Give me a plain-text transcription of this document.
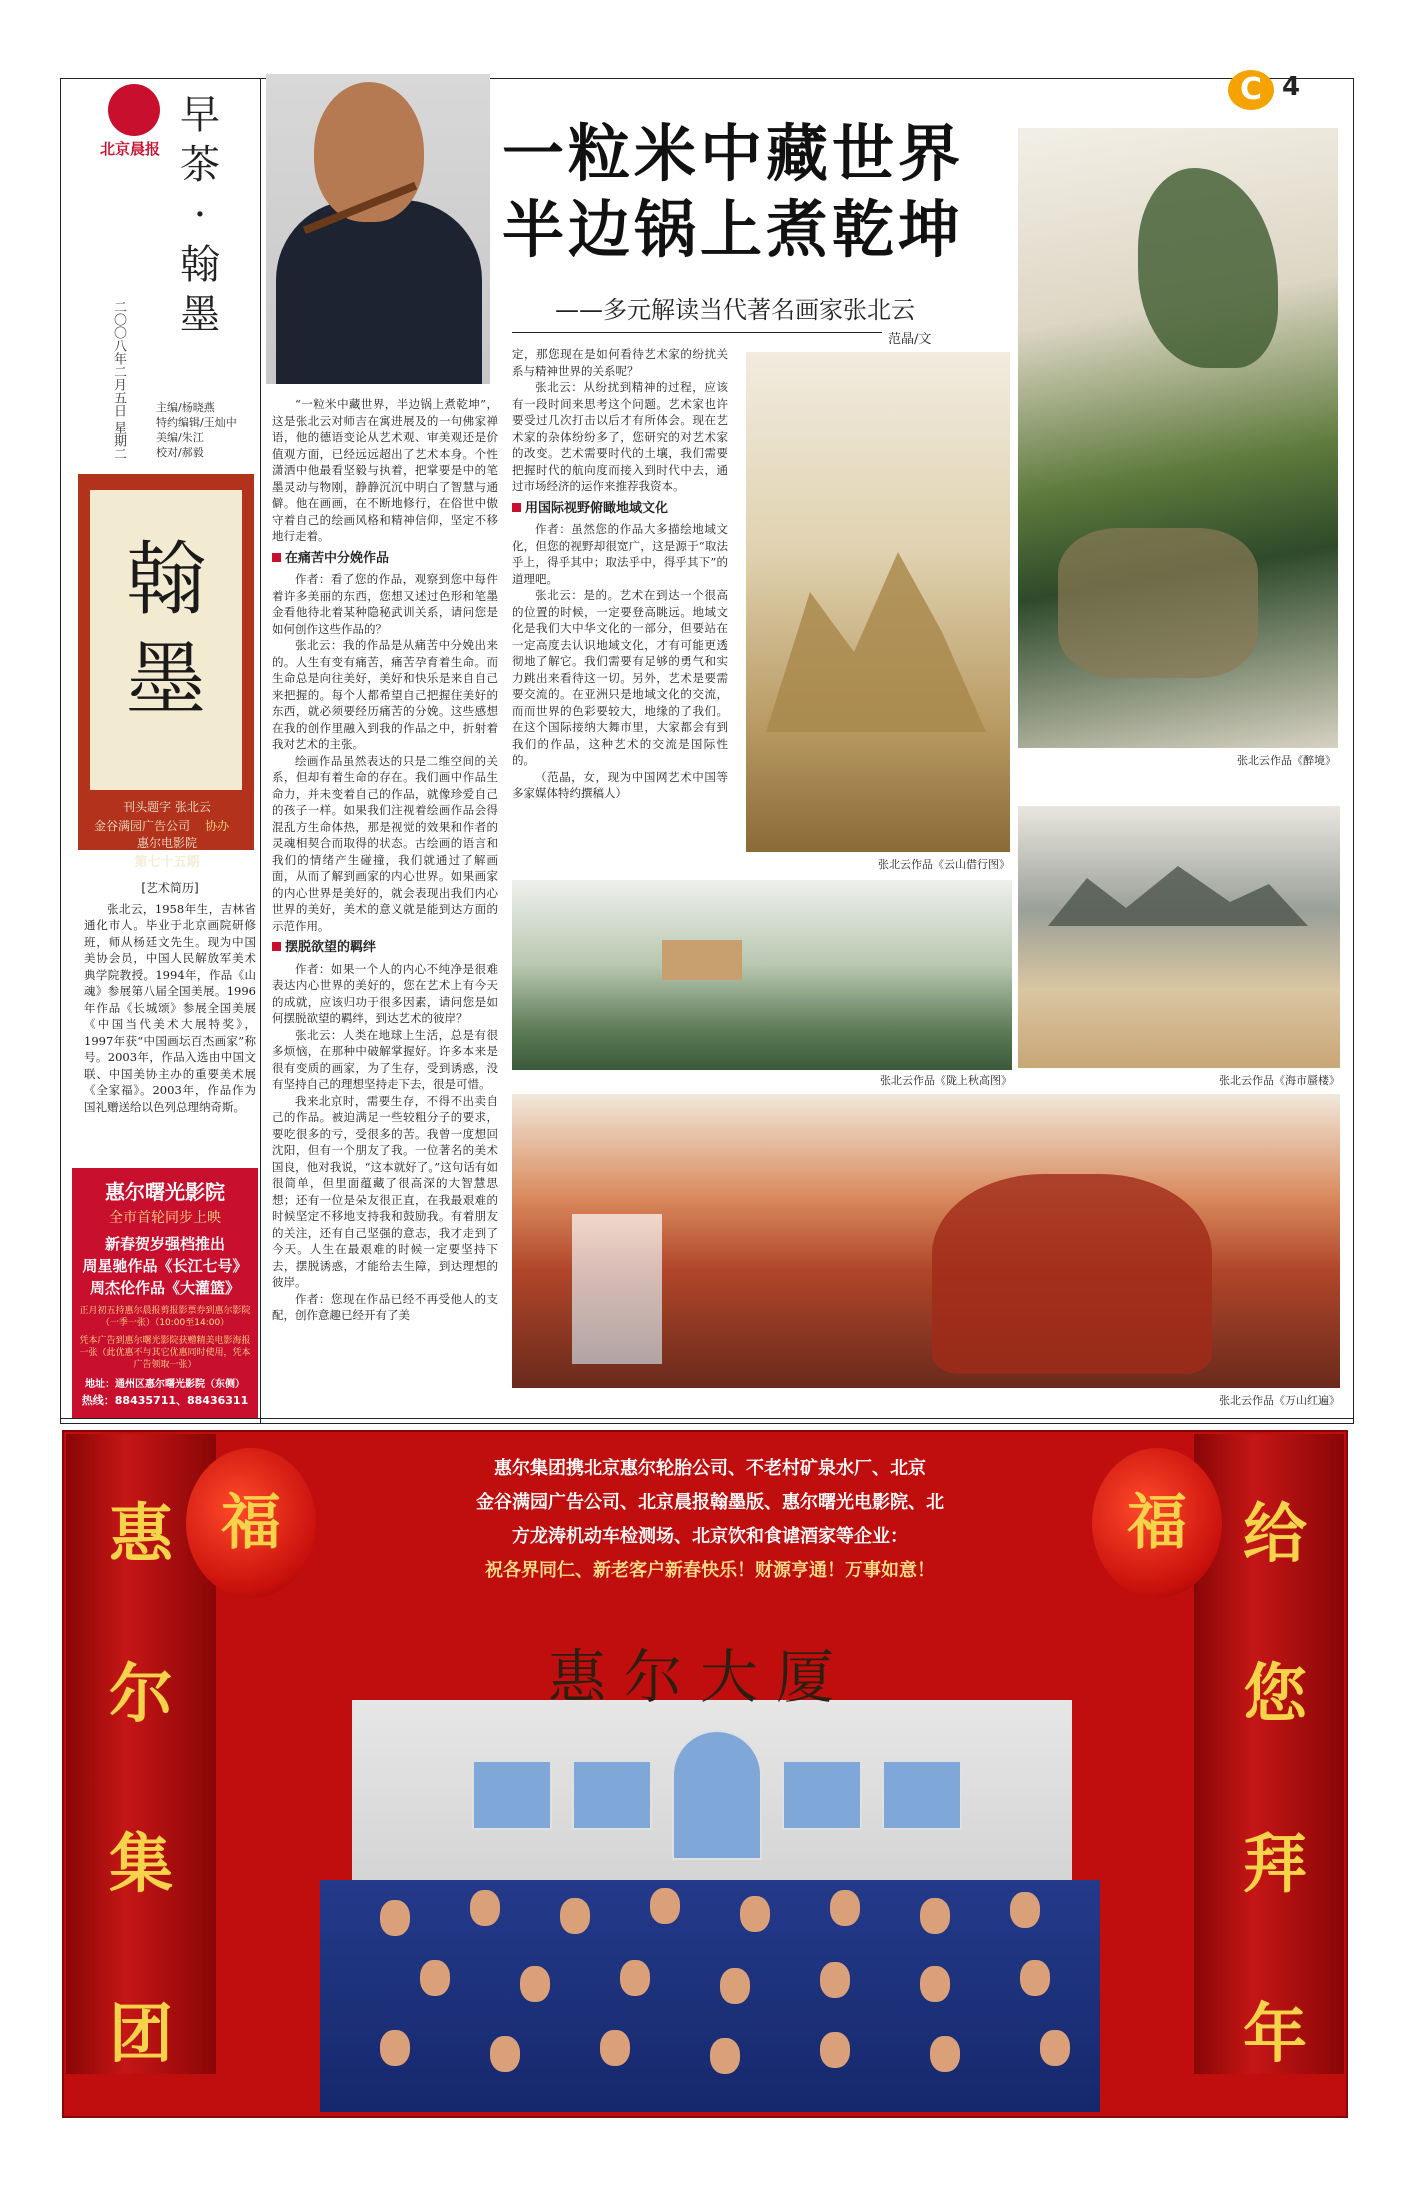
北京晨报
早茶·翰墨
二〇〇八年二月五日 星期二	主编/杨晓燕
特约编辑/王灿中
美编/朱江
校对/郝毅
C 4
翰墨
刊头题字 张北云
金谷满园广告公司 协办
惠尔电影院
第七十五期
[艺术简历]
张北云，1958年生，吉林省通化市人。毕业于北京画院研修班，师从杨廷文先生。现为中国美协会员，中国人民解放军美术典学院教授。1994年，作品《山魂》参展第八届全国美展。1996年作品《长城颂》参展全国美展《中国当代美术大展特奖》，1997年获“中国画坛百杰画家”称号。2003年，作品入选由中国文联、中国美协主办的重要美术展《全家福》。2003年，作品作为国礼赠送给以色列总理纳奇斯。
惠尔曙光影院
全市首轮同步上映
新春贺岁强档推出
周星驰作品《长江七号》
周杰伦作品《大灌篮》
正月初五持惠尔晨报剪报影票券到惠尔影院（一季一张）（10:00至14:00）
凭本广告到惠尔曙光影院获赠精美电影海报一张（此优惠不与其它优惠同时使用，凭本广告领取一张）
地址：通州区惠尔曙光影院（东侧）
热线：88435711、88436311
一粒米中藏世界
半边锅上煮乾坤
——多元解读当代著名画家张北云
范晶/文

“一粒米中藏世界，半边锅上煮乾坤”，这是张北云对师吉在寓进展及的一句佛家禅语，他的德语变论从艺术观、审美观还是价值观方面，已经远远超出了艺术本身。个性潇洒中他最看坚毅与执着，把掌要是中的笔墨灵动与物刚，静静沉沉中明白了智慧与通僻。他在画画，在不断地修行，在俗世中傲守着自己的绘画风格和精神信仰，坚定不移地行走着。

在痛苦中分娩作品

作者：看了您的作品，观察到您中每件着许多美丽的东西，您想又述过色形和笔墨金看他待北着某种隐秘武训关系，请问您是如何创作这些作品的？

张北云：我的作品是从痛苦中分娩出来的。人生有变有痛苦，痛苦孕育着生命。而生命总是向往美好，美好和快乐是来自自己来把握的。每个人都希望自己把握住美好的东西，就必须要经历痛苦的分娩。这些感想在我的创作里融入到我的作品之中，折射着我对艺术的主张。

绘画作品虽然表达的只是二维空间的关系，但却有着生命的存在。我们画中作品生命力，并未变着自己的作品，就像珍爱自己的孩子一样。如果我们注视着绘画作品会得混乱方生命体热，那是视觉的效果和作者的灵魂相契合而取得的状态。古绘画的语言和我们的情绪产生碰撞，我们就通过了解画面，从而了解到画家的内心世界。如果画家的内心世界是美好的，就会表现出我们内心世界的美好，美术的意义就是能到达方面的示范作用。

摆脱欲望的羁绊

作者：如果一个人的内心不纯净是很难表达内心世界的美好的，您在艺术上有今天的成就，应该归功于很多因素，请问您是如何摆脱欲望的羁绊，到达艺术的彼岸？

张北云：人类在地球上生活，总是有很多烦恼，在那种中破解掌握好。许多本来是很有变质的画家，为了生存，受到诱惑，没有坚持自己的理想坚持走下去，很是可惜。

我来北京时，需要生存，不得不出卖自己的作品。被迫满足一些较粗分子的要求，要吃很多的亏，受很多的苦。我曾一度想回沈阳，但有一个朋友了我。一位著名的美术国良，他对我说，“这本就好了。”这句话有如很简单，但里面蕴藏了很高深的大智慧思想；还有一位是朵友很正直，在我最艰难的时候坚定不移地支持我和鼓励我。有着朋友的关注，还有自己坚强的意志，我才走到了今天。人生在最艰难的时候一定要坚持下去，摆脱诱惑，才能给去生障，到达理想的彼岸。

作者：您现在作品已经不再受他人的支配，创作意趣已经开有了美

定，那您现在是如何看待艺术家的纷扰关系与精神世界的关系呢？

张北云：从纷扰到精神的过程，应该有一段时间来思考这个问题。艺术家也许要受过几次打击以后才有所体会。现在艺术家的杂体纷纷多了，您研究的对艺术家的改变。艺术需要时代的土壤，我们需要把握时代的航向度而接入到时代中去，通过市场经济的运作来推荐我资本。

用国际视野俯瞰地域文化

作者：虽然您的作品大多描绘地域文化，但您的视野却很宽广，这是源于“取法乎上，得乎其中；取法乎中，得乎其下”的道理吧。

张北云：是的。艺术在到达一个很高的位置的时候，一定要登高眺远。地域文化是我们大中华文化的一部分，但要站在一定高度去认识地域文化，才有可能更透彻地了解它。我们需要有足够的勇气和实力跳出来看待这一切。另外，艺术是要需要交流的。在亚洲只是地域文化的交流，而而世界的色彩要较大，地缘的了我们。在这个国际接纳大舞市里，大家都会有到我们的作品，这种艺术的交流是国际性的。

（范晶，女，现为中国网艺术中国等多家媒体特约撰稿人）

张北云作品《醉境》
张北云作品《云山借行图》
张北云作品《陇上秋高图》	张北云作品《海市蜃楼》
张北云作品《万山红遍》
福	福
惠
尔
集
团
给
您
拜
年
惠尔集团携北京惠尔轮胎公司、不老村矿泉水厂、北京
金谷满园广告公司、北京晨报翰墨版、惠尔曙光电影院、北
方龙涛机动车检测场、北京饮和食谑酒家等企业：
祝各界同仁、新老客户新春快乐！财源亨通！万事如意！
惠尔大厦
